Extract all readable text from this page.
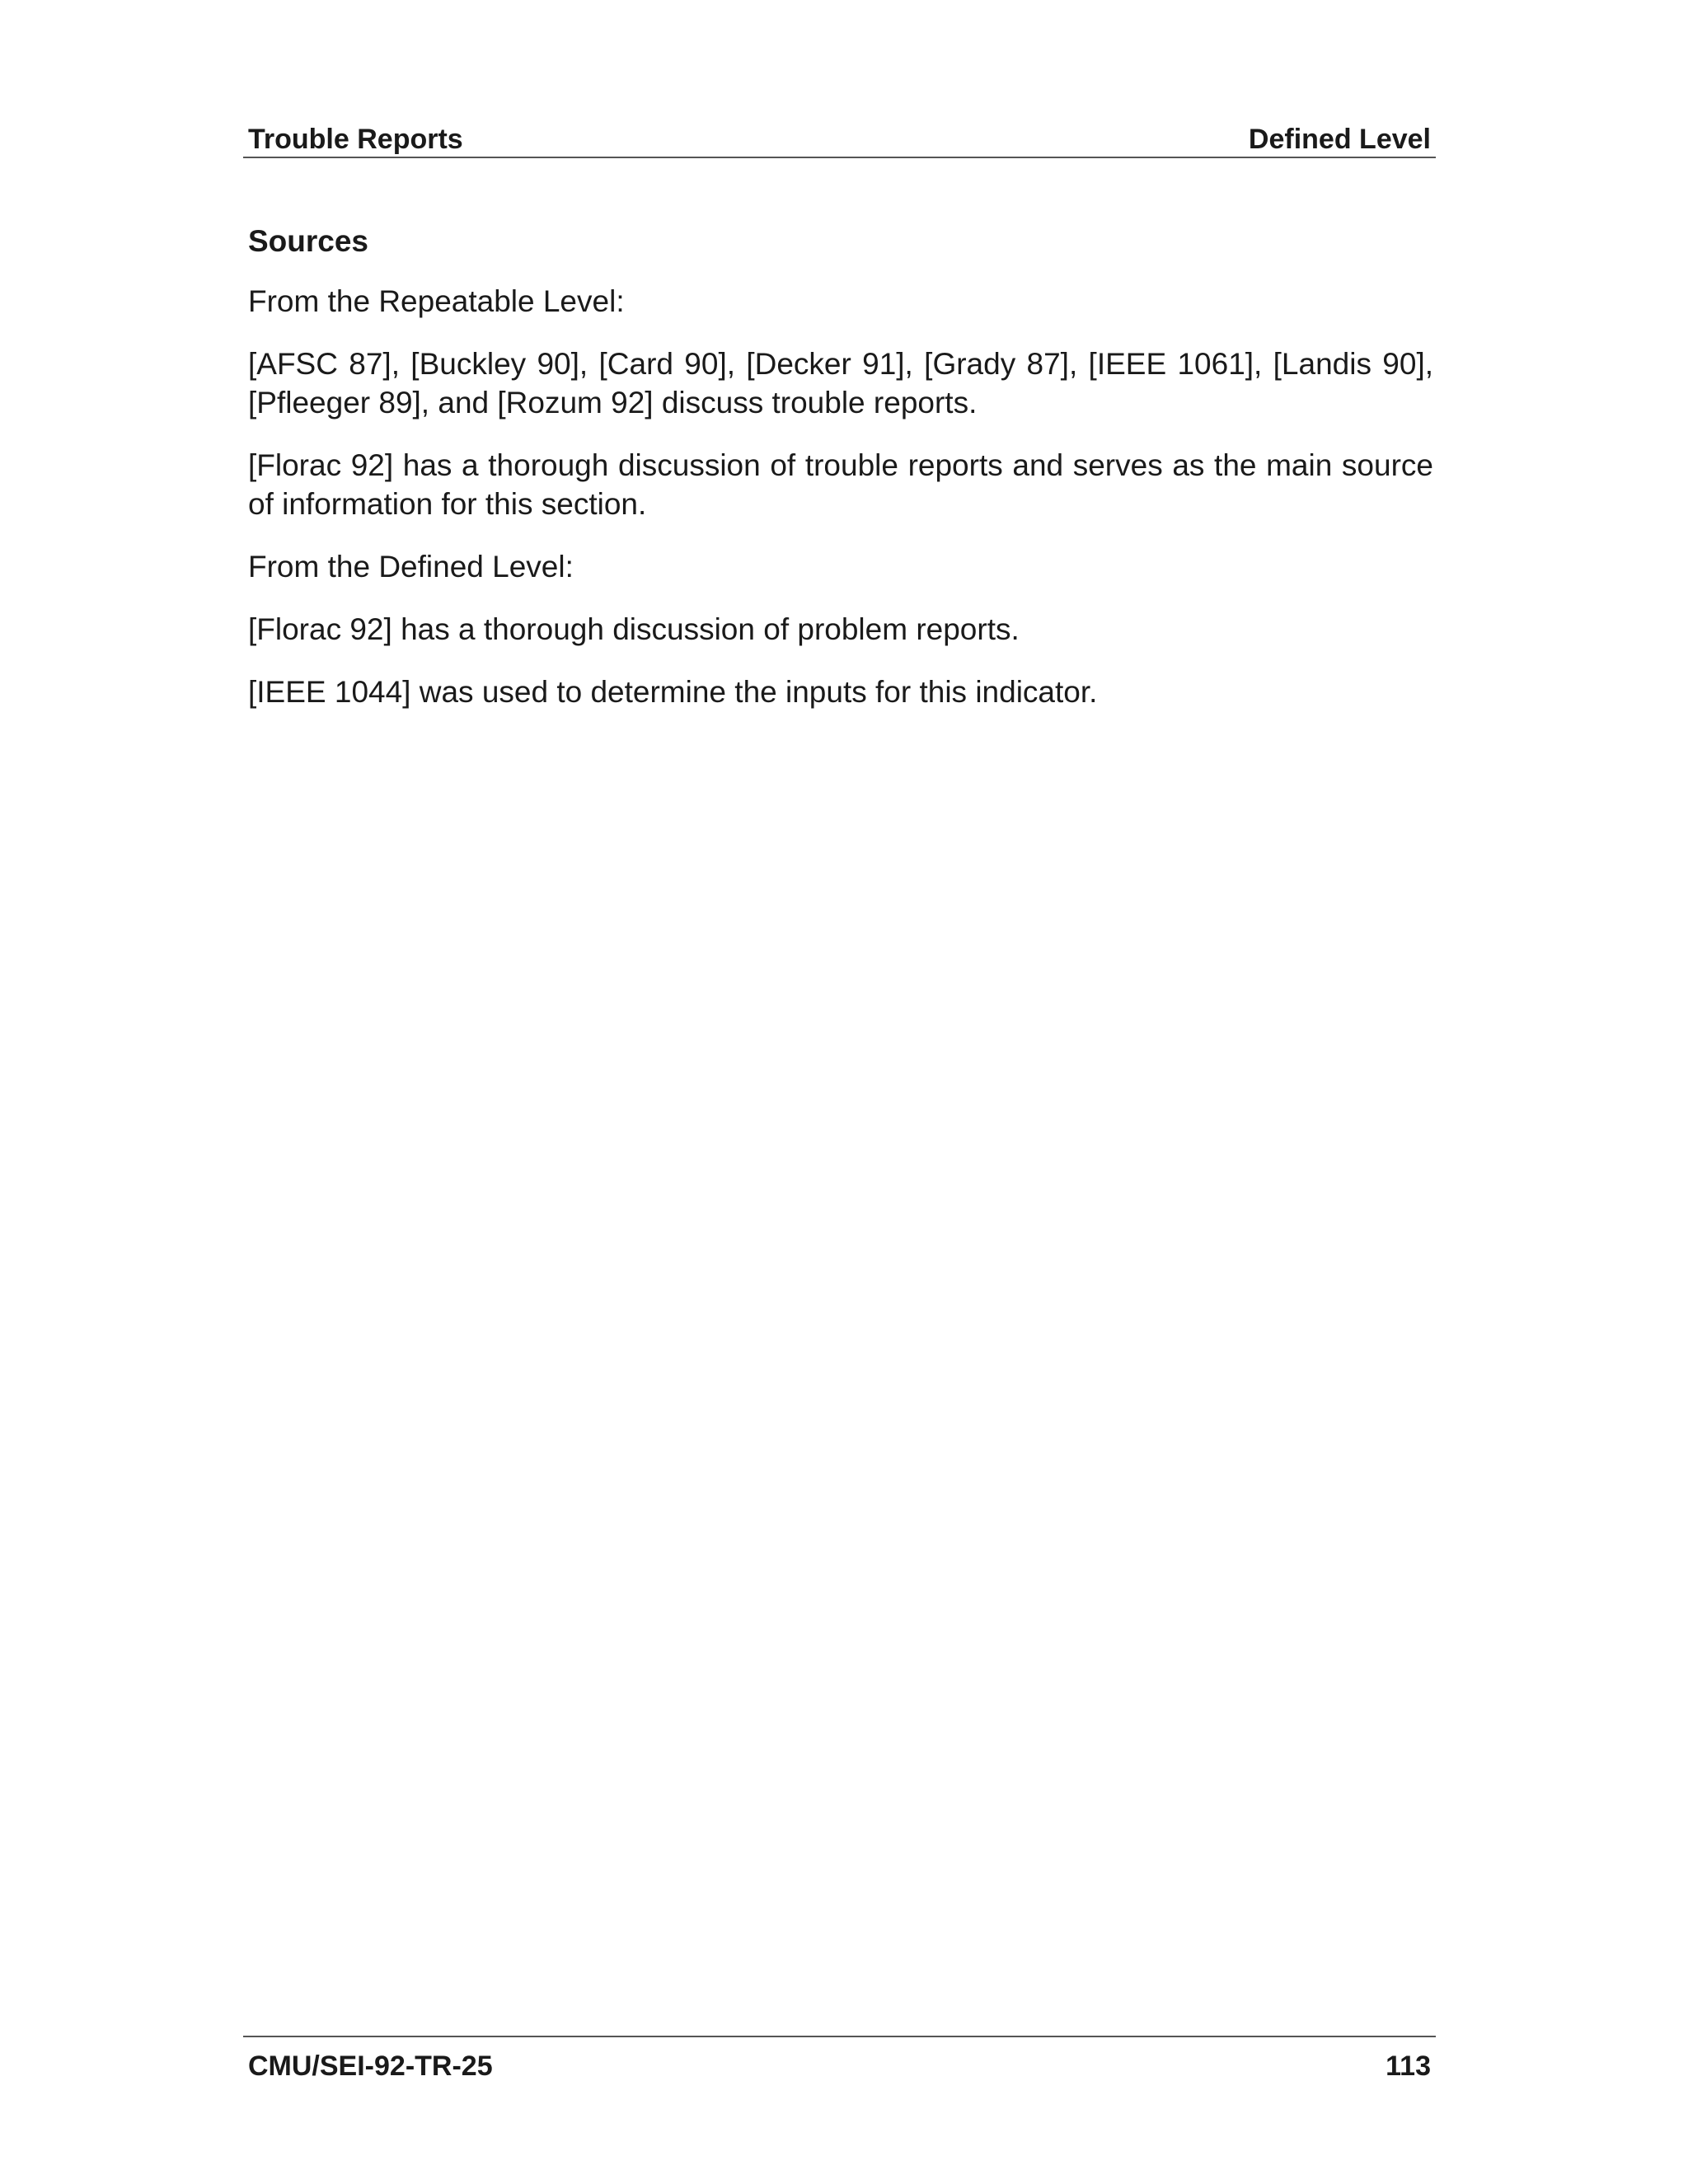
Trouble Reports	Defined Level
Sources

From the Repeatable Level:

[AFSC 87], [Buckley 90], [Card 90], [Decker 91], [Grady 87], [IEEE 1061], [Landis 90], [Pfleeger 89], and [Rozum 92] discuss trouble reports.

[Florac 92] has a thorough discussion of trouble reports and serves as the main source of information for this section.

From the Defined Level:

[Florac 92] has a thorough discussion of problem reports.

[IEEE 1044] was used to determine the inputs for this indicator.

CMU/SEI-92-TR-25	113
